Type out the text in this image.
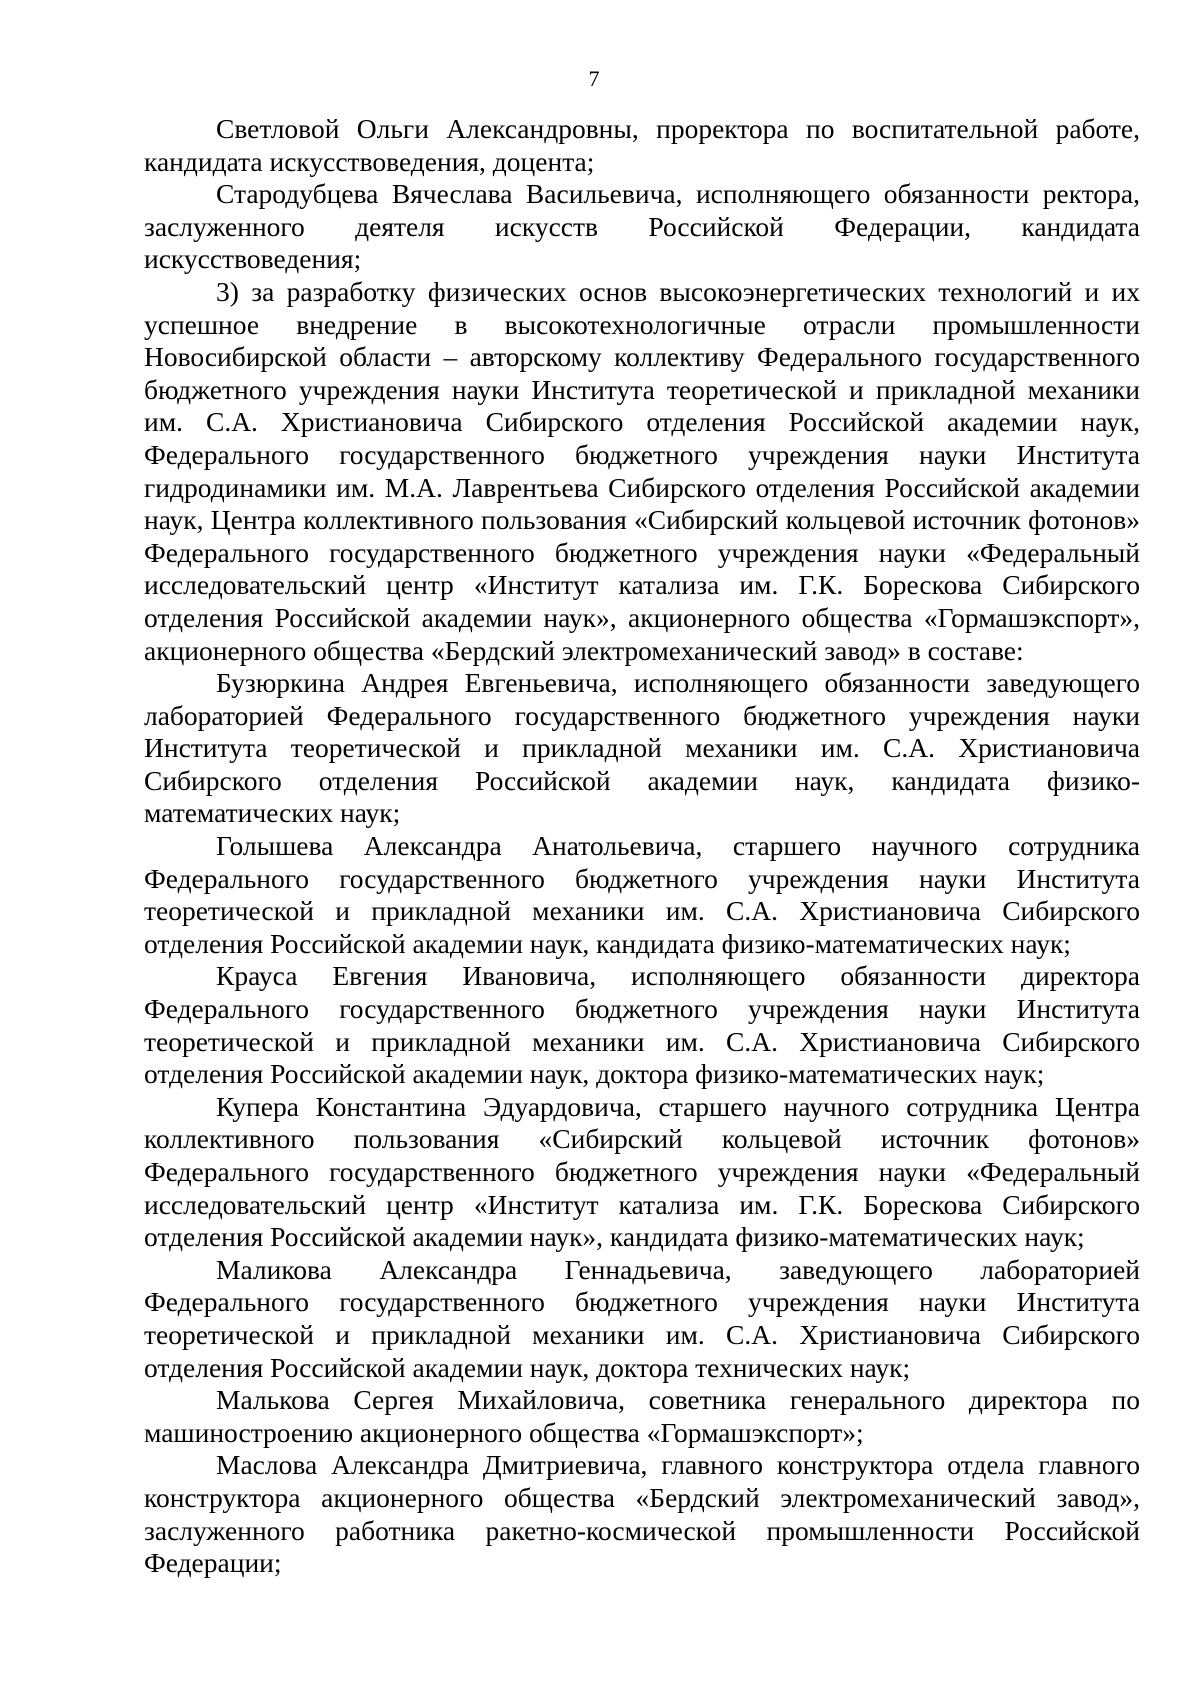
7

Светловой Ольги Александровны, проректора по воспитательной работе, кандидата искусствоведения, доцента;

Стародубцева Вячеслава Васильевича, исполняющего обязанности ректора, заслуженного деятеля искусств Российской Федерации, кандидата искусствоведения;

3) за разработку физических основ высокоэнергетических технологий и их успешное внедрение в высокотехнологичные отрасли промышленности Новосибирской области – авторскому коллективу Федерального государственного бюджетного учреждения науки Института теоретической и прикладной механики им. С.А. Христиановича Сибирского отделения Российской академии наук, Федерального государственного бюджетного учреждения науки Института гидродинамики им. М.А. Лаврентьева Сибирского отделения Российской академии наук, Центра коллективного пользования «Сибирский кольцевой источник фотонов» Федерального государственного бюджетного учреждения науки «Федеральный исследовательский центр «Институт катализа им. Г.К. Борескова Сибирского отделения Российской академии наук», акционерного общества «Гормашэкспорт», акционерного общества «Бердский электромеханический завод» в составе:

Бузюркина Андрея Евгеньевича, исполняющего обязанности заведующего лабораторией Федерального государственного бюджетного учреждения науки Института теоретической и прикладной механики им. С.А. Христиановича Сибирского отделения Российской академии наук, кандидата физико-математических наук;

Голышева Александра Анатольевича, старшего научного сотрудника Федерального государственного бюджетного учреждения науки Института теоретической и прикладной механики им. С.А. Христиановича Сибирского отделения Российской академии наук, кандидата физико-математических наук;

Крауса Евгения Ивановича, исполняющего обязанности директора Федерального государственного бюджетного учреждения науки Института теоретической и прикладной механики им. С.А. Христиановича Сибирского отделения Российской академии наук, доктора физико-математических наук;

Купера Константина Эдуардовича, старшего научного сотрудника Центра коллективного пользования «Сибирский кольцевой источник фотонов» Федерального государственного бюджетного учреждения науки «Федеральный исследовательский центр «Институт катализа им. Г.К. Борескова Сибирского отделения Российской академии наук», кандидата физико-математических наук;

Маликова Александра Геннадьевича, заведующего лабораторией Федерального государственного бюджетного учреждения науки Института теоретической и прикладной механики им. С.А. Христиановича Сибирского отделения Российской академии наук, доктора технических наук;

Малькова Сергея Михайловича, советника генерального директора по машиностроению акционерного общества «Гормашэкспорт»;

Маслова Александра Дмитриевича, главного конструктора отдела главного конструктора акционерного общества «Бердский электромеханический завод», заслуженного работника ракетно-космической промышленности Российской Федерации;
